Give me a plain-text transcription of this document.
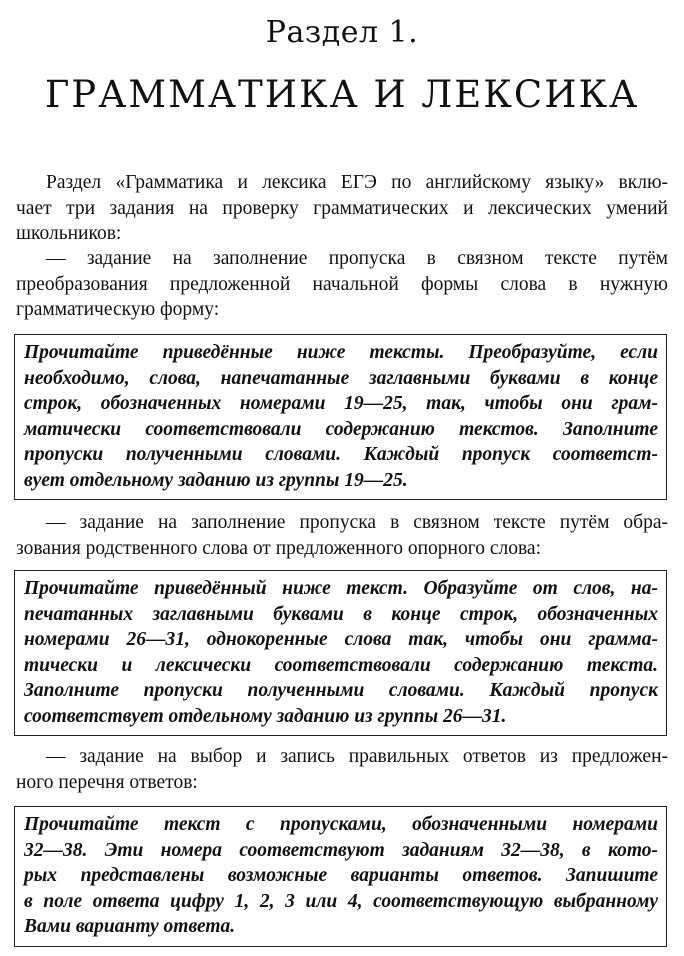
Раздел 1.
ГРАММАТИКА И ЛЕКСИКА
Раздел «Грамматика и лексика ЕГЭ по английскому языку» вклю-
чает три задания на проверку грамматических и лексических умений
школьников:
— задание на заполнение пропуска в связном тексте путём
преобразования предложенной начальной формы слова в нужную
грамматическую форму:
Прочитайте приведённые ниже тексты. Преобразуйте, если
необходимо, слова, напечатанные заглавными буквами в конце
строк, обозначенных номерами 19—25, так, чтобы они грам-
матически соответствовали содержанию текстов. Заполните
пропуски полученными словами. Каждый пропуск соответст-
вует отдельному заданию из группы 19—25.
— задание на заполнение пропуска в связном тексте путём обра-
зования родственного слова от предложенного опорного слова:
Прочитайте приведённый ниже текст. Образуйте от слов, на-
печатанных заглавными буквами в конце строк, обозначенных
номерами 26—31, однокоренные слова так, чтобы они грамма-
тически и лексически соответствовали содержанию текста.
Заполните пропуски полученными словами. Каждый пропуск
соответствует отдельному заданию из группы 26—31.
— задание на выбор и запись правильных ответов из предложен-
ного перечня ответов:
Прочитайте текст с пропусками, обозначенными номерами
32—38. Эти номера соответствуют заданиям 32—38, в кото-
рых представлены возможные варианты ответов. Запишите
в поле ответа цифру 1, 2, 3 или 4, соответствующую выбранному
Вами варианту ответа.
